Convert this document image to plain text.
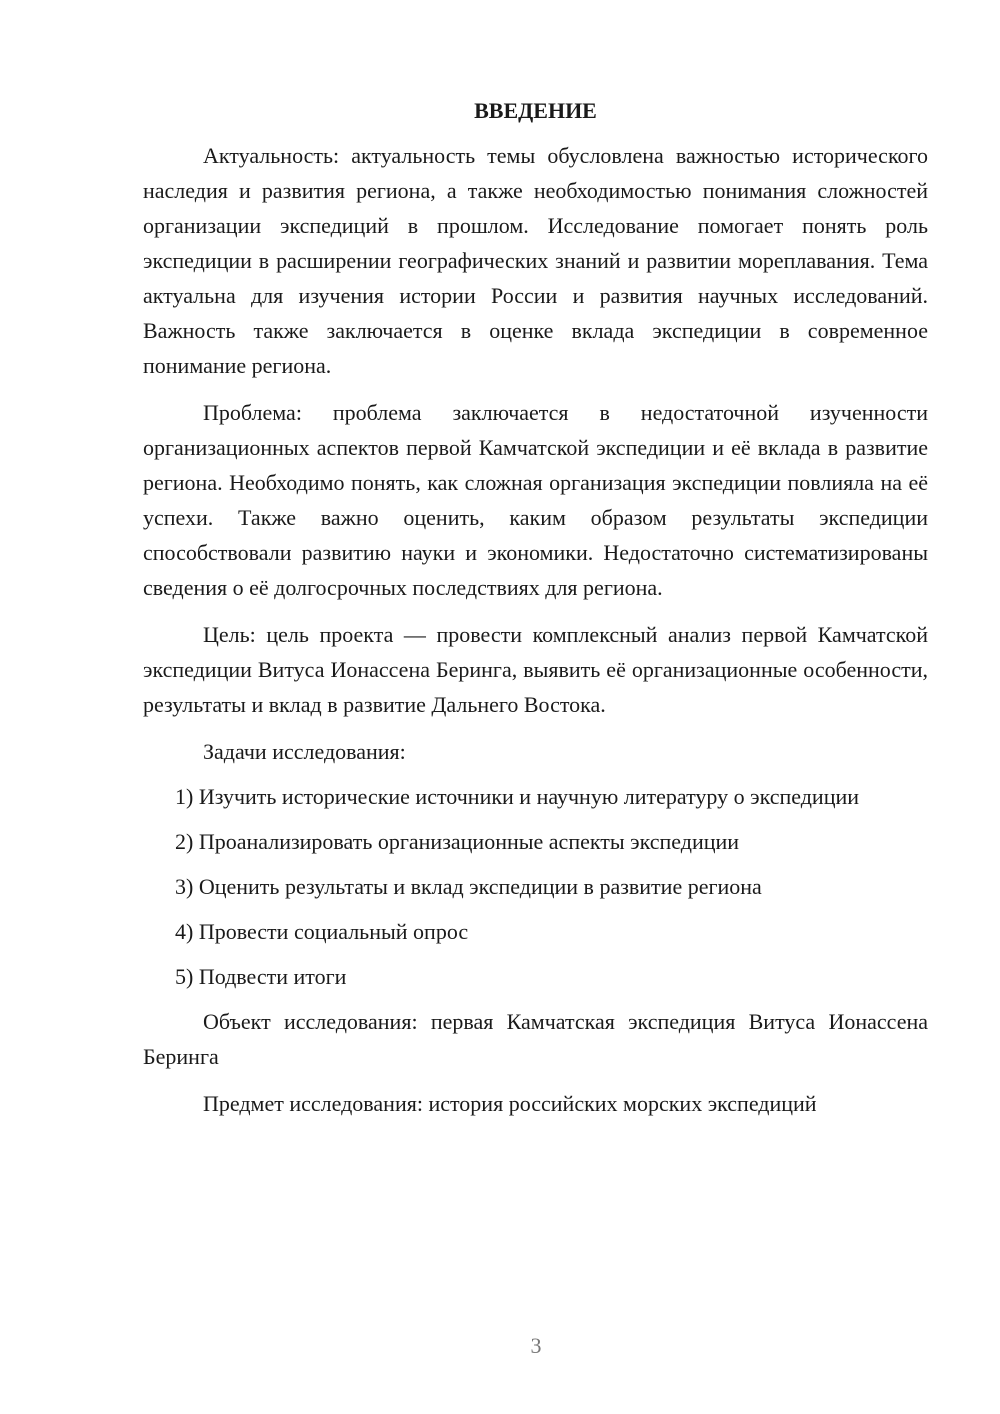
ВВЕДЕНИЕ

Актуальность: актуальность темы обусловлена важностью исторического наследия и развития региона, а также необходимостью понимания сложностей организации экспедиций в прошлом. Исследование помогает понять роль экспедиции в расширении географических знаний и развитии мореплавания. Тема актуальна для изучения истории России и развития научных исследований. Важность также заключается в оценке вклада экспедиции в современное понимание региона.

Проблема: проблема заключается в недостаточной изученности организационных аспектов первой Камчатской экспедиции и её вклада в развитие региона. Необходимо понять, как сложная организация экспедиции повлияла на её успехи. Также важно оценить, каким образом результаты экспедиции способствовали развитию науки и экономики. Недостаточно систематизированы сведения о её долгосрочных последствиях для региона.

Цель: цель проекта — провести комплексный анализ первой Камчатской экспедиции Витуса Ионассена Беринга, выявить её организационные особенности, результаты и вклад в развитие Дальнего Востока.

Задачи исследования:

1) Изучить исторические источники и научную литературу о экспедиции

2) Проанализировать организационные аспекты экспедиции

3) Оценить результаты и вклад экспедиции в развитие региона

4) Провести социальный опрос

5) Подвести итоги

Объект исследования: первая Камчатская экспедиция Витуса Ионассена Беринга

Предмет исследования: история российских морских экспедиций

3
